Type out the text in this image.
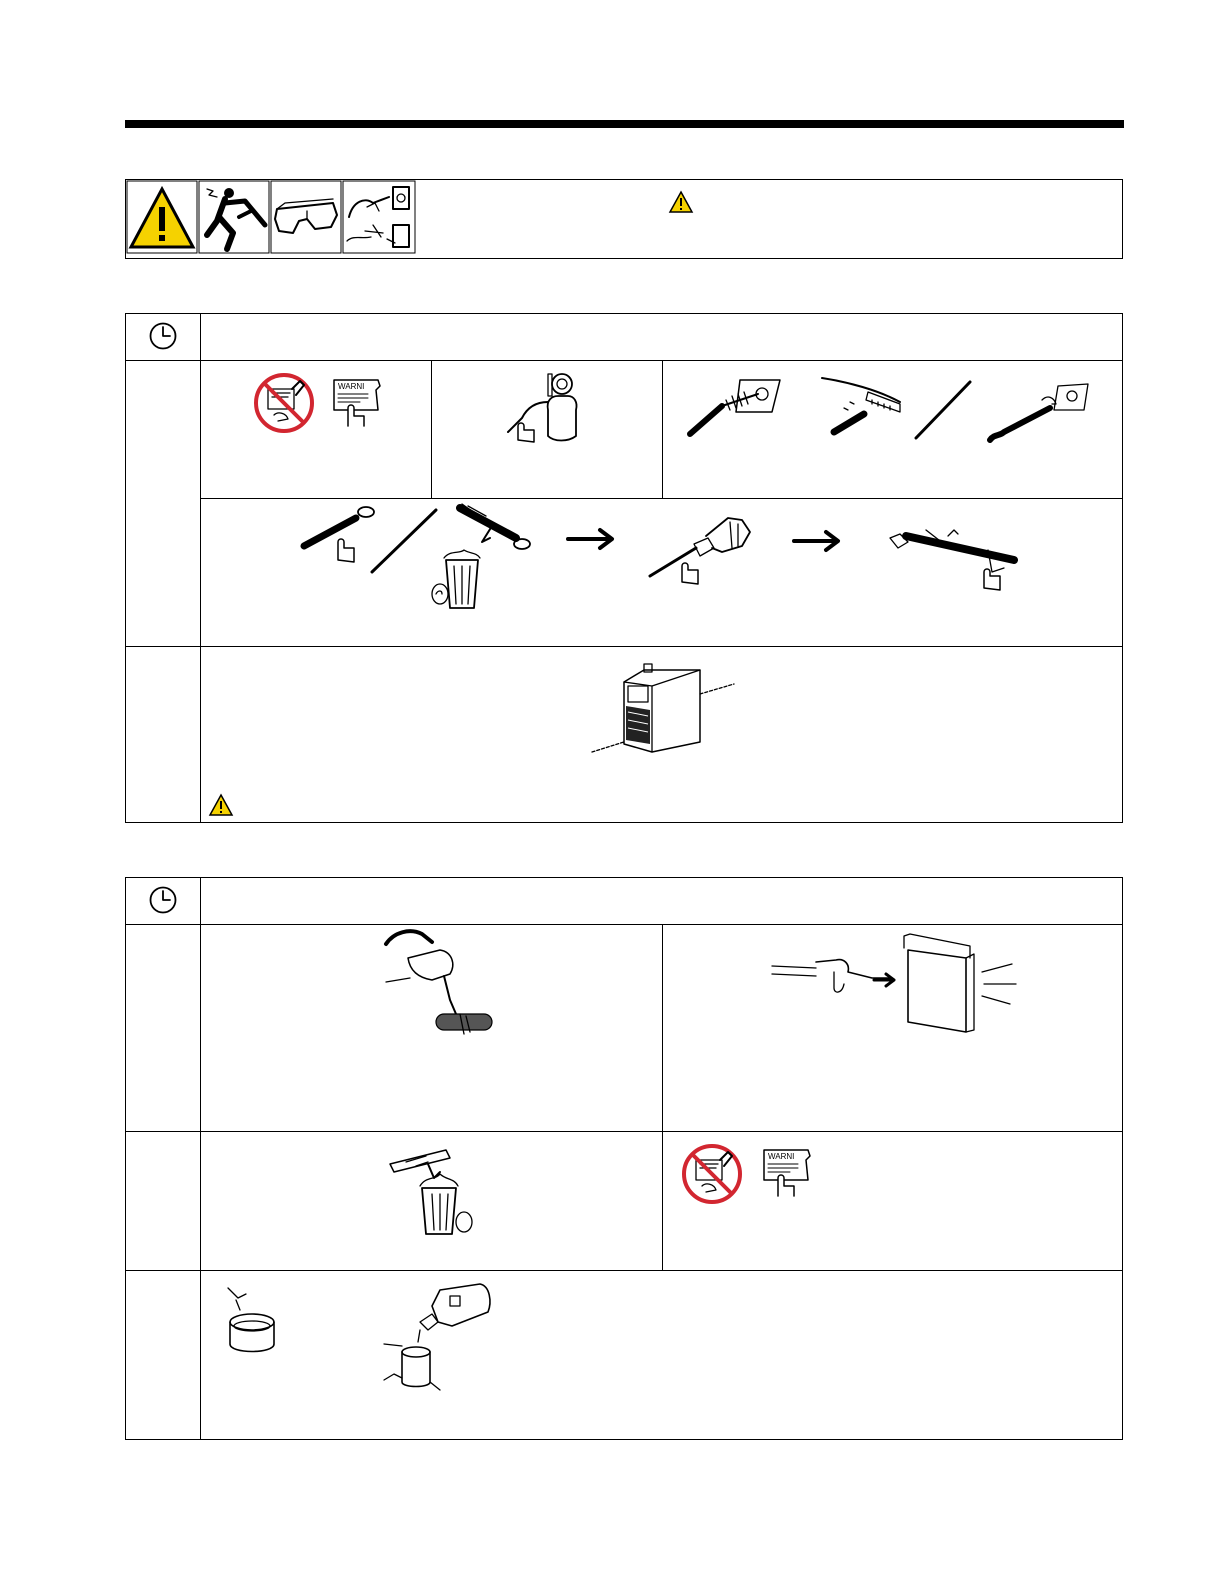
WARNI
WARNI
